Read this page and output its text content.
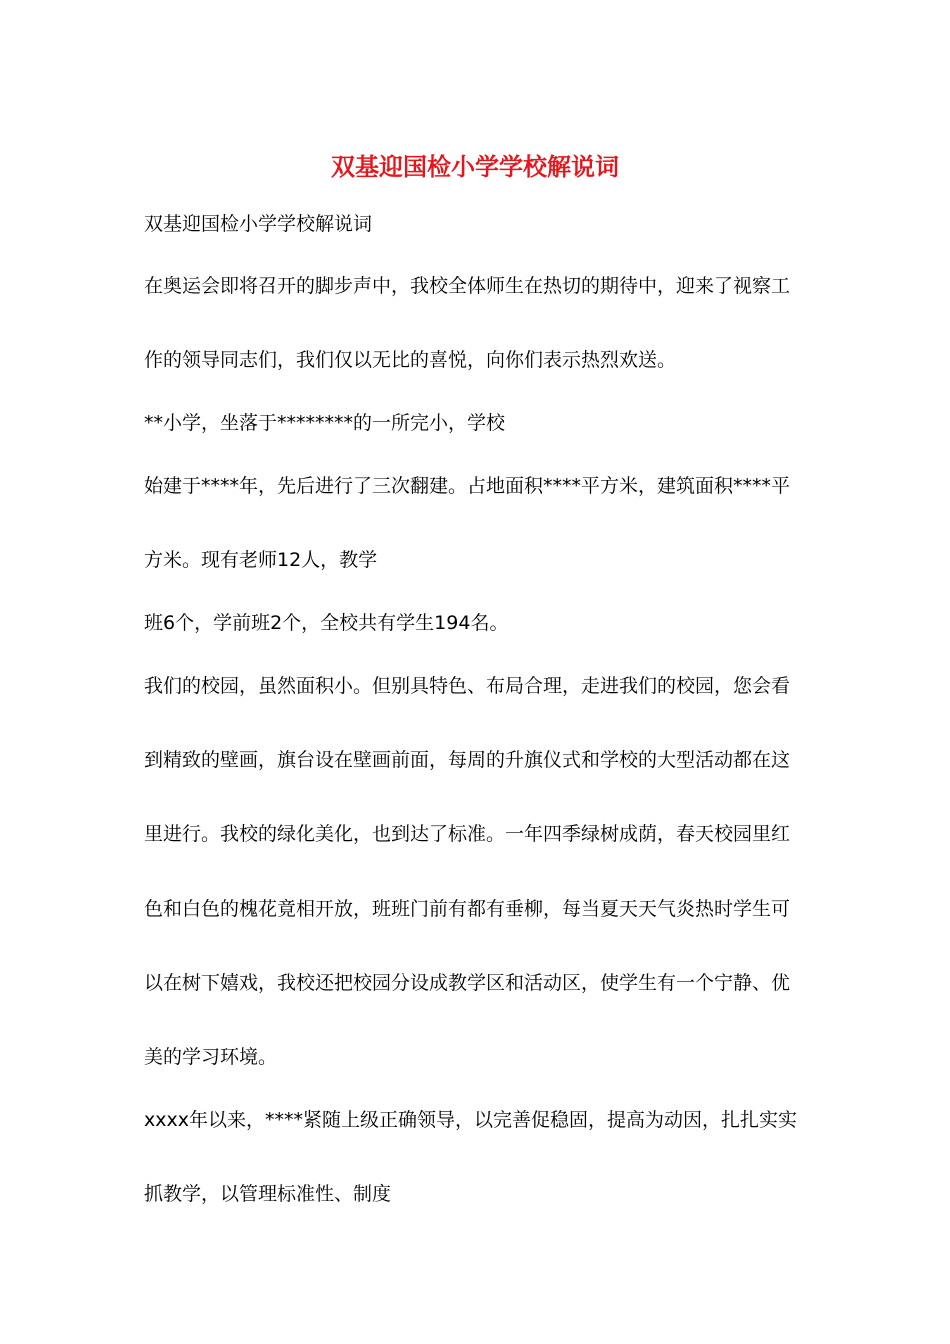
双基迎国检小学学校解说词
双基迎国检小学学校解说词
在奥运会即将召开的脚步声中，我校全体师生在热切的期待中，迎来了视察工
作的领导同志们，我们仅以无比的喜悦，向你们表示热烈欢送。
**小学，坐落于********的一所完小，学校
始建于****年，先后进行了三次翻建。占地面积****平方米，建筑面积****平
方米。现有老师12人，教学
班6个，学前班2个，全校共有学生194名。
我们的校园，虽然面积小。但别具特色、布局合理，走进我们的校园，您会看
到精致的壁画，旗台设在壁画前面，每周的升旗仪式和学校的大型活动都在这
里进行。我校的绿化美化，也到达了标准。一年四季绿树成荫，春天校园里红
色和白色的槐花竟相开放，班班门前有都有垂柳，每当夏天天气炎热时学生可
以在树下嬉戏，我校还把校园分设成教学区和活动区，使学生有一个宁静、优
美的学习环境。
xxxx年以来，****紧随上级正确领导，以完善促稳固，提高为动因，扎扎实实
抓教学，以管理标准性、制度
